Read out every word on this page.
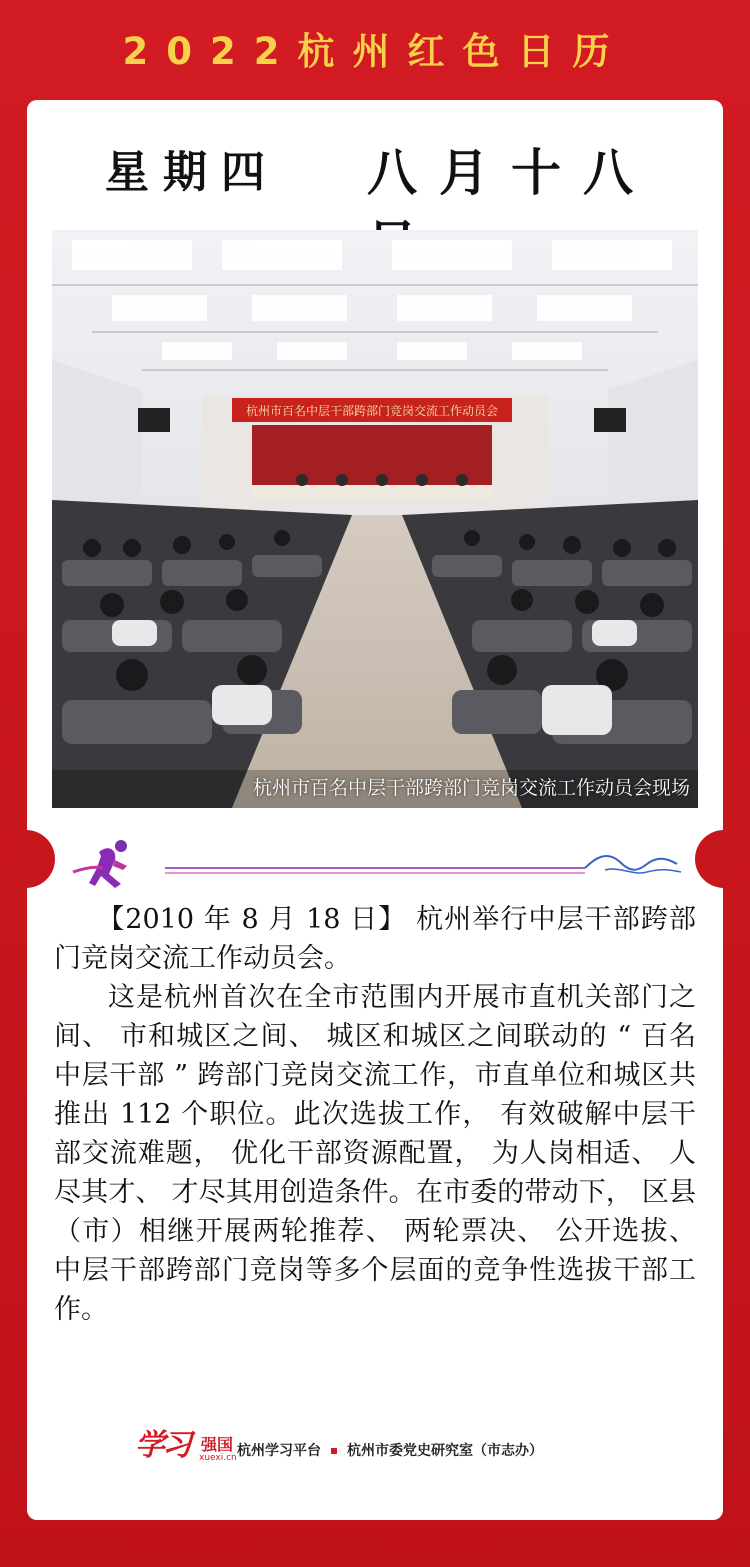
2022杭州红色日历
星期四 八月十八
杭州市百名中层干部跨部门竞岗交流工作动员会
杭州市百名中层干部跨部门竞岗交流工作动员会现场

【2010 年 8 月 18 日】 杭州举行中层干部跨部门竞岗交流工作动员会。

这是杭州首次在全市范围内开展市直机关部门之间、 市和城区之间、 城区和城区之间联动的 “ 百名中层干部 ” 跨部门竞岗交流工作，市直单位和城区共推出 112 个职位。此次选拔工作， 有效破解中层干部交流难题， 优化干部资源配置， 为人岗相适、 人尽其才、 才尽其用创造条件。在市委的带动下， 区县（市）相继开展两轮推荐、 两轮票决、 公开选拔、 中层干部跨部门竞岗等多个层面的竞争性选拔干部工作。

学习 强国
xuexi.cn 杭州学习平台 杭州市委党史研究室（市志办）
